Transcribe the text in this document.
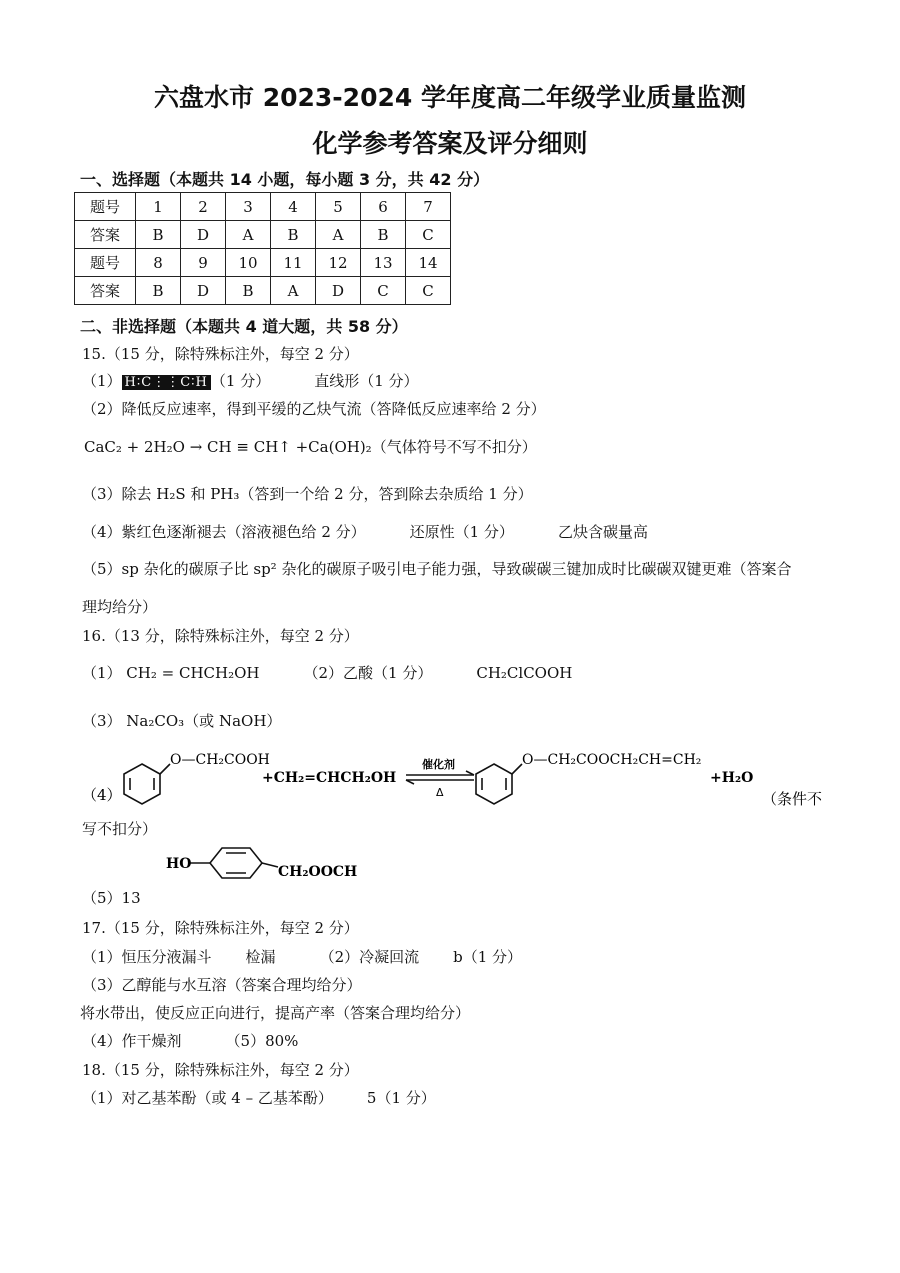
六盘水市 2023-2024 学年度高二年级学业质量监测
化学参考答案及评分细则
一、选择题（本题共 14 小题，每小题 3 分，共 42 分）
题号	1	2	3	4	5	6	7
答案	B	D	A	B	A	B	C
题号	8	9	10	11	12	13	14
答案	B	D	B	A	D	C	C
二、非选择题（本题共 4 道大题，共 58 分）
15.（15 分，除特殊标注外，每空 2 分）
（1） H∶C⋮⋮C∶H （1 分）	直线形（1 分）
（2）降低反应速率，得到平缓的乙炔气流（答降低反应速率给 2 分）
CaC₂ + 2H₂O → CH ≡ CH↑ +Ca(OH)₂（气体符号不写不扣分）
（3）除去 H₂S 和 PH₃（答到一个给 2 分，答到除去杂质给 1 分）
（4）紫红色逐渐褪去（溶液褪色给 2 分）	还原性（1 分）	乙炔含碳量高
（5）sp 杂化的碳原子比 sp² 杂化的碳原子吸引电子能力强，导致碳碳三键加成时比碳碳双键更难（答案合
理均给分）
16.（13 分，除特殊标注外，每空 2 分）
（1） CH₂ = CHCH₂OH	（2）乙酸（1 分）	CH₂ClCOOH
（3） Na₂CO₃（或 NaOH）
（4）
O—CH₂COOH
+CH₂=CHCH₂OH
催化剂
Δ
O—CH₂COOCH₂CH=CH₂
+H₂O
（条件不
写不扣分）
HO	CH₂OOCH
（5）13
17.（15 分，除特殊标注外，每空 2 分）
（1）恒压分液漏斗 检漏	（2）冷凝回流 b（1 分）
（3）乙醇能与水互溶（答案合理均给分）
将水带出，使反应正向进行，提高产率（答案合理均给分）
（4）作干燥剂	（5）80%
18.（15 分，除特殊标注外，每空 2 分）
（1）对乙基苯酚（或 4 – 乙基苯酚） 5（1 分）
